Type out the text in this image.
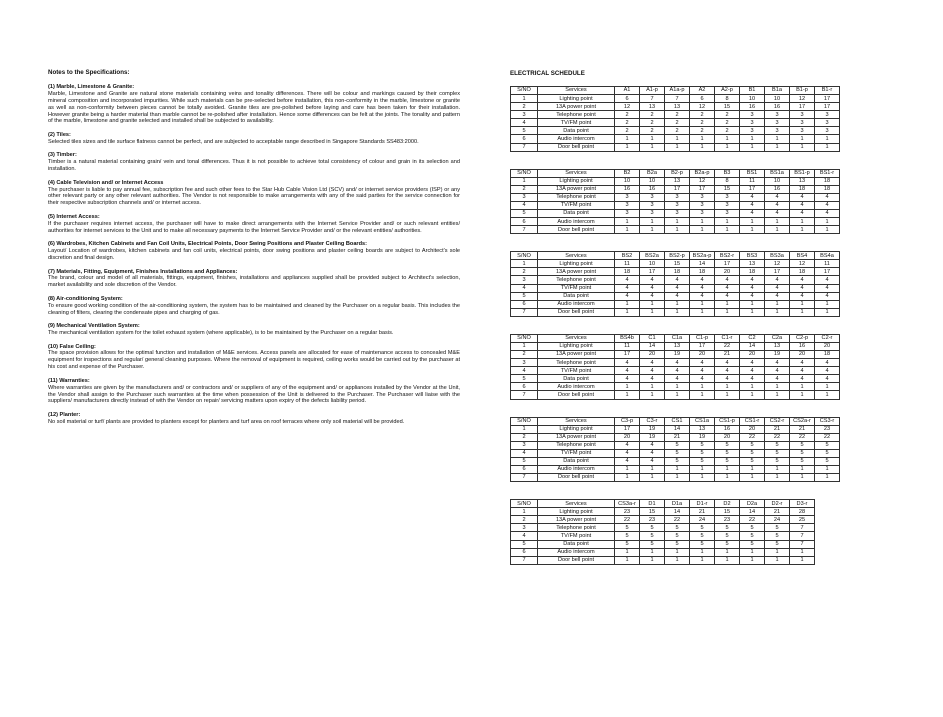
Notes to the Specifications:
(1) Marble, Limestone & Granite:
Marble, Limestone and Granite are natural stone materials containing veins and tonality differences. There will be colour and markings caused by their complex mineral composition and incorporated impurities. While such materials can be pre-selected before installation, this non-conformity in the marble, limestone or granite as well as non-conformity between pieces cannot be totally avoided. Granite tiles are pre-polished before laying and care has been taken for their installation. However granite being a harder material than marble cannot be re-polished after installation. Hence some differences can be felt at the joints. The tonality and pattern of the marble, limestone and granite selected and installed shall be subjected to availability.
(2) Tiles:
Selected tiles sizes and tile surface flatness cannot be perfect, and are subjected to acceptable range described in Singapore Standards SS483:2000.
(3) Timber:
Timber is a natural material containing grain/ vein and tonal differences. Thus it is not possible to achieve total consistency of colour and grain in its selection and installation.
(4) Cable Television and/ or Internet Access
The purchaser is liable to pay annual fee, subscription fee and such other fees to the Star Hub Cable Vision Ltd (SCV) and/ or internet service providers (ISP) or any other relevant party or any other relevant authorities. The Vendor is not responsible to make arrangements with any of the said parties for the service connection for their respective subscription channels and/ or internet access.
(5) Internet Access:
If the purchaser requires internet access, the purchaser will have to make direct arrangements with the Internet Service Provider and/ or such relevant entities/ authorities for internet services to the Unit and to make all necessary payments to the Internet Service Provider and/ or the relevant entities/ authorities.
(6) Wardrobes, Kitchen Cabinets and Fan Coil Units, Electrical Points, Door Swing Positions and Plaster Ceiling Boards:
Layout/ Location of wardrobes, kitchen cabinets and fan coil units, electrical points, door swing positions and plaster ceiling boards are subject to Architect's sole discretion and final design.
(7) Materials, Fitting, Equipment, Finishes Installations and Appliances:
The brand, colour and model of all materials, fittings, equipment, finishes, installations and appliances supplied shall be provided subject to Architect's selection, market availability and sole discretion of the Vendor.
(8) Air-conditioning System:
To ensure good working condition of the air-conditioning system, the system has to be maintained and cleaned by the Purchaser on a regular basis. This includes the cleaning of filters, clearing the condensate pipes and charging of gas.
(9) Mechanical Ventilation System:
The mechanical ventilation system for the toilet exhaust system (where applicable), is to be maintained by the Purchaser on a regular basis.
(10) False Ceiling:
The space provision allows for the optimal function and installation of M&E services. Access panels are allocated for ease of maintenance access to concealed M&E equipment for inspections and regular/ general cleaning purposes. Where the removal of equipment is required, ceiling works would be carried out by the purchaser at his cost and expense of the Purchaser.
(11) Warranties:
Where warranties are given by the manufacturers and/ or contractors and/ or suppliers of any of the equipment and/ or appliances installed by the Vendor at the Unit, the Vendor shall assign to the Purchaser such warranties at the time when possession of the Unit is delivered to the Purchaser. The Purchaser will liaise with the suppliers/ manufacturers directly instead of with the Vendor on repair/ servicing matters upon expiry of the defects liability period.
(12) Planter:
No soil material or turf/ plants are provided to planters except for planters and turf area on roof terraces where only soil material will be provided.
ELECTRICAL SCHEDULE
S/NO	Services	A1	A1-p	A1a-p	A2	A2-p	B1	B1a	B1-p	B1-r
1	Lighting point	6	7	7	6	8	10	10	12	17
2	13A power point	12	13	13	12	15	16	16	17	17
3	Telephone point	2	2	2	2	2	3	3	3	3
4	TV/FM point	2	2	2	2	2	3	3	3	3
5	Data point	2	2	2	2	2	3	3	3	3
6	Audio intercom	1	1	1	1	1	1	1	1	1
7	Door bell point	1	1	1	1	1	1	1	1	1
S/NO	Services	B2	B2a	B2-p	B2a-p	B3	BS1	BS1a	BS1-p	BS1-r
1	Lighting point	10	10	13	12	8	11	10	13	18
2	13A power point	16	16	17	17	15	17	16	18	18
3	Telephone point	3	3	3	3	3	4	4	4	4
4	TV/FM point	3	3	3	3	3	4	4	4	4
5	Data point	3	3	3	3	3	4	4	4	4
6	Audio intercom	1	1	1	1	1	1	1	1	1
7	Door bell point	1	1	1	1	1	1	1	1	1
S/NO	Services	BS2	BS2a	BS2-p	BS2a-p	BS2-r	BS3	BS3a	BS4	BS4a
1	Lighting point	11	10	15	14	17	13	12	12	11
2	13A power point	18	17	18	18	20	18	17	18	17
3	Telephone point	4	4	4	4	4	4	4	4	4
4	TV/FM point	4	4	4	4	4	4	4	4	4
5	Data point	4	4	4	4	4	4	4	4	4
6	Audio intercom	1	1	1	1	1	1	1	1	1
7	Door bell point	1	1	1	1	1	1	1	1	1
S/NO	Services	BS4b	C1	C1a	C1-p	C1-r	C2	C2a	C2-p	C2-r
1	Lighting point	11	14	13	17	22	14	13	16	20
2	13A power point	17	20	19	20	21	20	19	20	18
3	Telephone point	4	4	4	4	4	4	4	4	4
4	TV/FM point	4	4	4	4	4	4	4	4	4
5	Data point	4	4	4	4	4	4	4	4	4
6	Audio intercom	1	1	1	1	1	1	1	1	1
7	Door bell point	1	1	1	1	1	1	1	1	1
S/NO	Services	C3-p	C3-r	CS1	CS1a	CS1-p	CS1-r	CS2-r	CS2a-r	CS3-r
1	Lighting point	17	19	14	13	16	20	21	21	23
2	13A power point	20	19	21	19	20	22	22	22	22
3	Telephone point	4	4	5	5	5	5	5	5	5
4	TV/FM point	4	4	5	5	5	5	5	5	5
5	Data point	4	4	5	5	5	5	5	5	5
6	Audio intercom	1	1	1	1	1	1	1	1	1
7	Door bell point	1	1	1	1	1	1	1	1	1
S/NO	Services	CS3a-r	D1	D1a	D1-r	D2	D2a	D2-r	D3-r
1	Lighting point	23	15	14	21	15	14	21	28
2	13A power point	22	23	22	24	23	22	24	25
3	Telephone point	5	5	5	5	5	5	5	7
4	TV/FM point	5	5	5	5	5	5	5	7
5	Data point	5	5	5	5	5	5	5	7
6	Audio intercom	1	1	1	1	1	1	1	1
7	Door bell point	1	1	1	1	1	1	1	1
